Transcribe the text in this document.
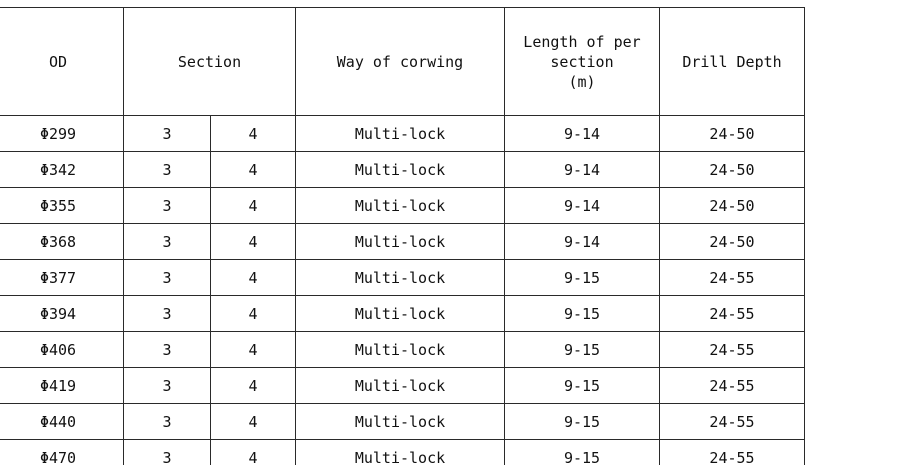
OD	Section		Way of corwing	Length of per
section
(m)	Drill Depth
Φ299	3	4	Multi-lock	9-14	24-50
Φ342	3	4	Multi-lock	9-14	24-50
Φ355	3	4	Multi-lock	9-14	24-50
Φ368	3	4	Multi-lock	9-14	24-50
Φ377	3	4	Multi-lock	9-15	24-55
Φ394	3	4	Multi-lock	9-15	24-55
Φ406	3	4	Multi-lock	9-15	24-55
Φ419	3	4	Multi-lock	9-15	24-55
Φ440	3	4	Multi-lock	9-15	24-55
Φ470	3	4	Multi-lock	9-15	24-55
